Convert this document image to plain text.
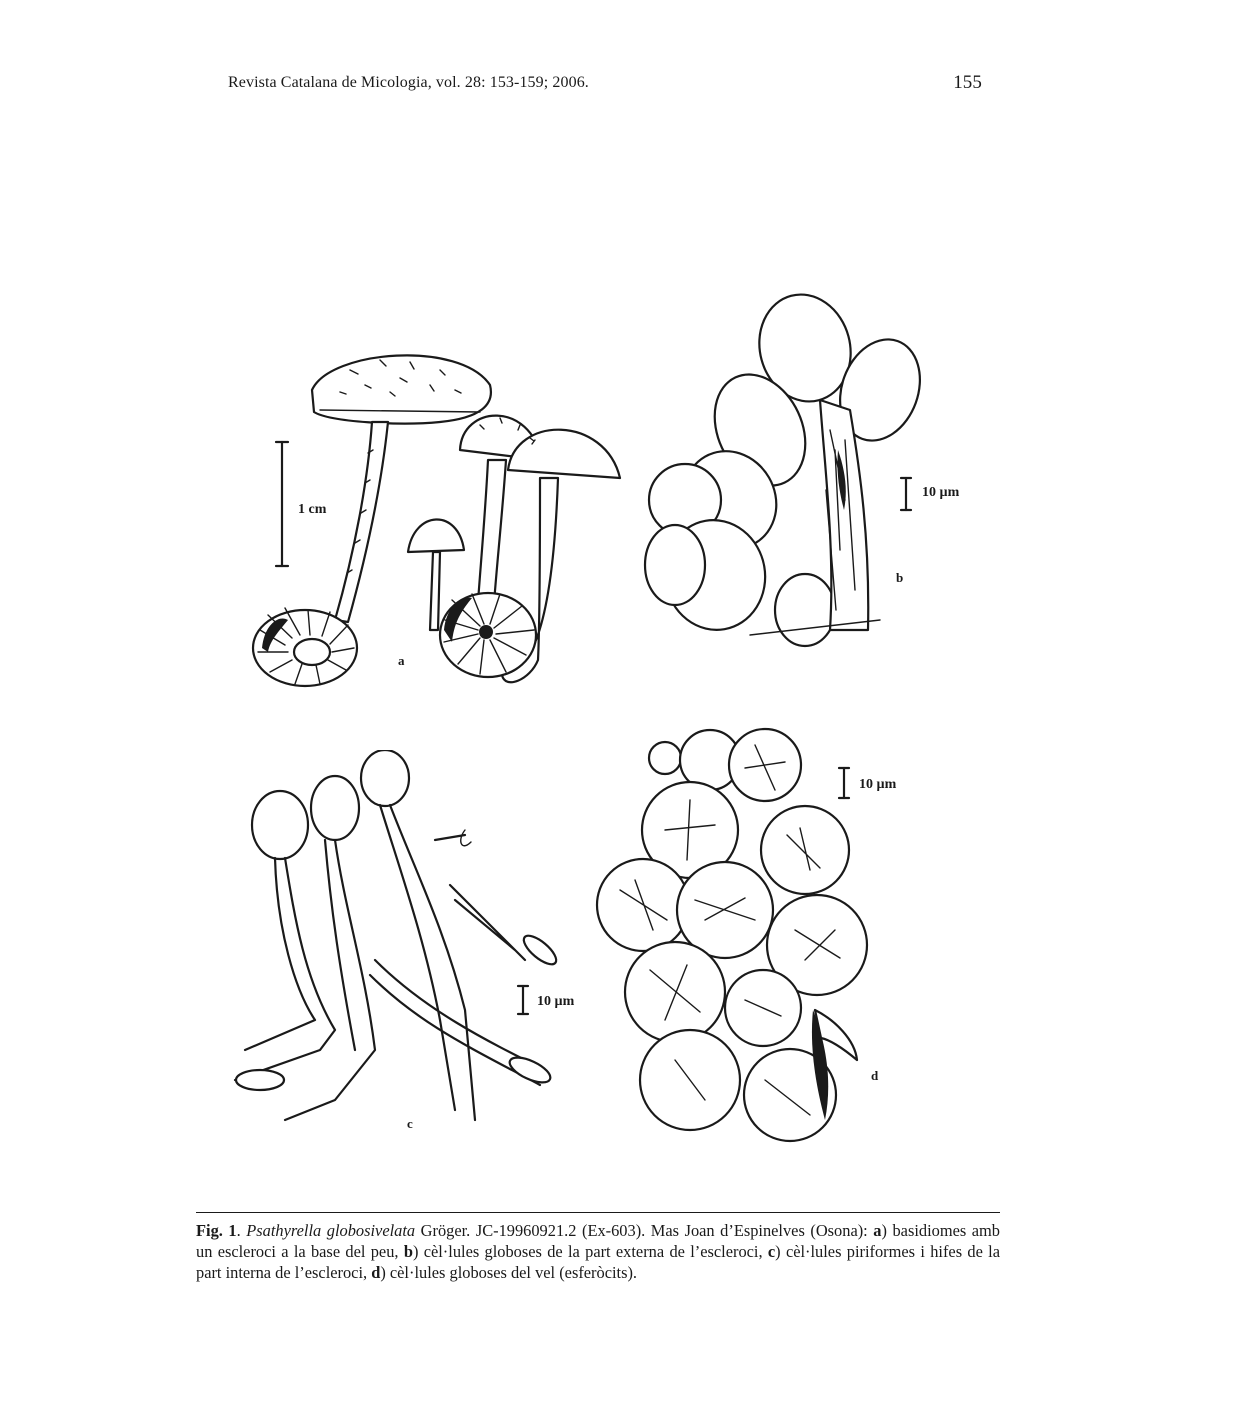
Revista Catalana de Micologia, vol. 28: 153-159; 2006.	155
1 cm
a
10 µm
b
10 µm
c
10 µm
d
Fig. 1. Psathyrella globosivelata Gröger. JC-19960921.2 (Ex-603). Mas Joan d’Espinelves (Osona): a) basidiomes amb un escleroci a la base del peu, b) cèl·lules globoses de la part externa de l’escleroci, c) cèl·lules piriformes i hifes de la part interna de l’escleroci, d) cèl·lules globoses del vel (esferòcits).
